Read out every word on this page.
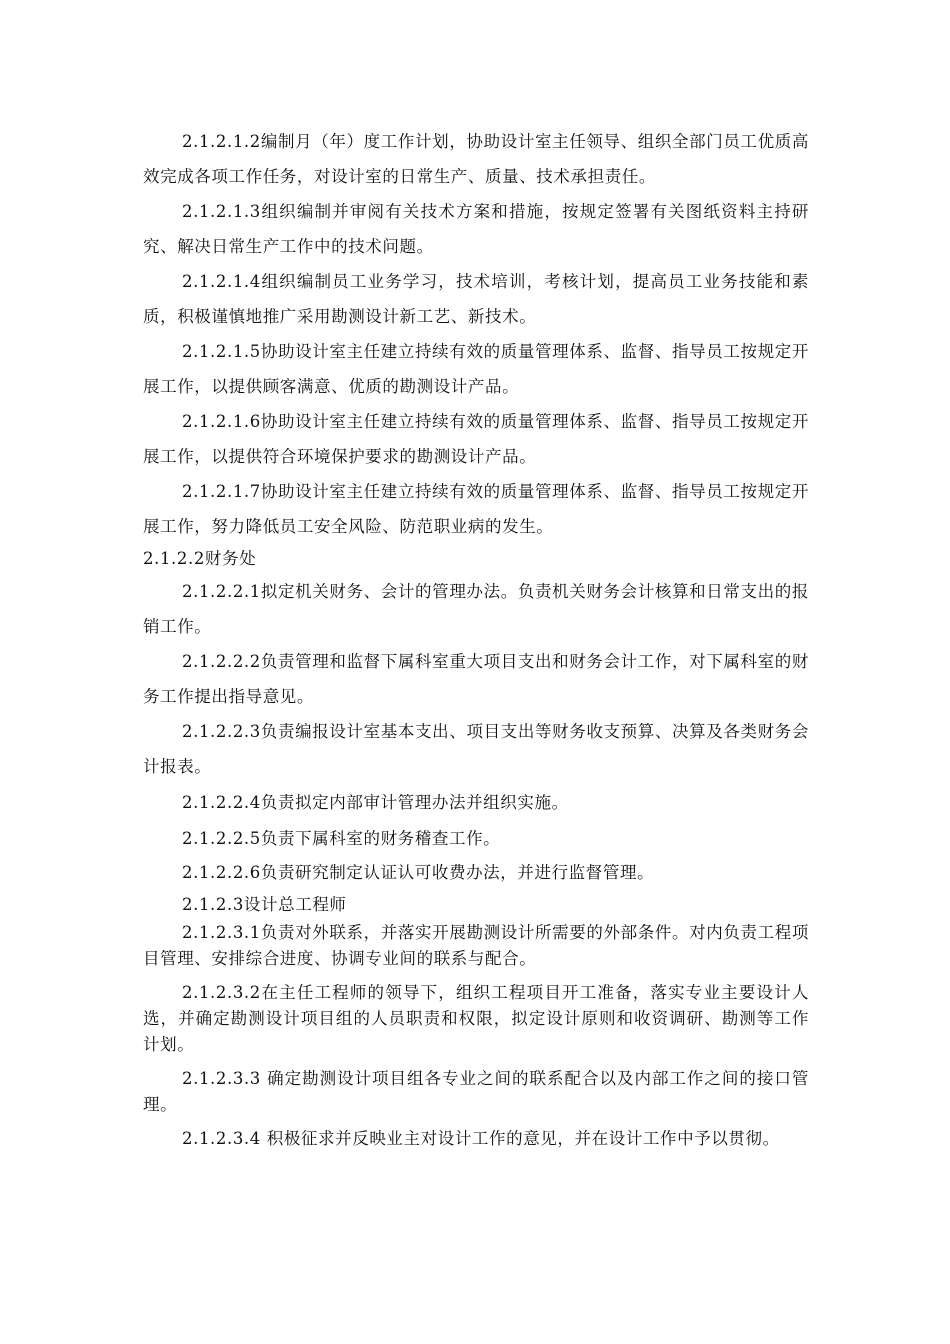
2.1.2.1.2编制月（年）度工作计划，协助设计室主任领导、组织全部门员工优质高效完成各项工作任务，对设计室的日常生产、质量、技术承担责任。

2.1.2.1.3组织编制并审阅有关技术方案和措施，按规定签署有关图纸资料主持研究、解决日常生产工作中的技术问题。

2.1.2.1.4组织编制员工业务学习，技术培训，考核计划，提高员工业务技能和素质，积极谨慎地推广采用勘测设计新工艺、新技术。

2.1.2.1.5协助设计室主任建立持续有效的质量管理体系、监督、指导员工按规定开展工作，以提供顾客满意、优质的勘测设计产品。

2.1.2.1.6协助设计室主任建立持续有效的质量管理体系、监督、指导员工按规定开展工作，以提供符合环境保护要求的勘测设计产品。

2.1.2.1.7协助设计室主任建立持续有效的质量管理体系、监督、指导员工按规定开展工作，努力降低员工安全风险、防范职业病的发生。

2.1.2.2财务处

2.1.2.2.1拟定机关财务、会计的管理办法。负责机关财务会计核算和日常支出的报销工作。

2.1.2.2.2负责管理和监督下属科室重大项目支出和财务会计工作，对下属科室的财务工作提出指导意见。

2.1.2.2.3负责编报设计室基本支出、项目支出等财务收支预算、决算及各类财务会计报表。

2.1.2.2.4负责拟定内部审计管理办法并组织实施。

2.1.2.2.5负责下属科室的财务稽查工作。

2.1.2.2.6负责研究制定认证认可收费办法，并进行监督管理。

2.1.2.3设计总工程师

2.1.2.3.1负责对外联系，并落实开展勘测设计所需要的外部条件。对内负责工程项目管理、安排综合进度、协调专业间的联系与配合。

2.1.2.3.2在主任工程师的领导下，组织工程项目开工准备，落实专业主要设计人选，并确定勘测设计项目组的人员职责和权限，拟定设计原则和收资调研、勘测等工作计划。

2.1.2.3.3 确定勘测设计项目组各专业之间的联系配合以及内部工作之间的接口管理。

2.1.2.3.4 积极征求并反映业主对设计工作的意见，并在设计工作中予以贯彻。
